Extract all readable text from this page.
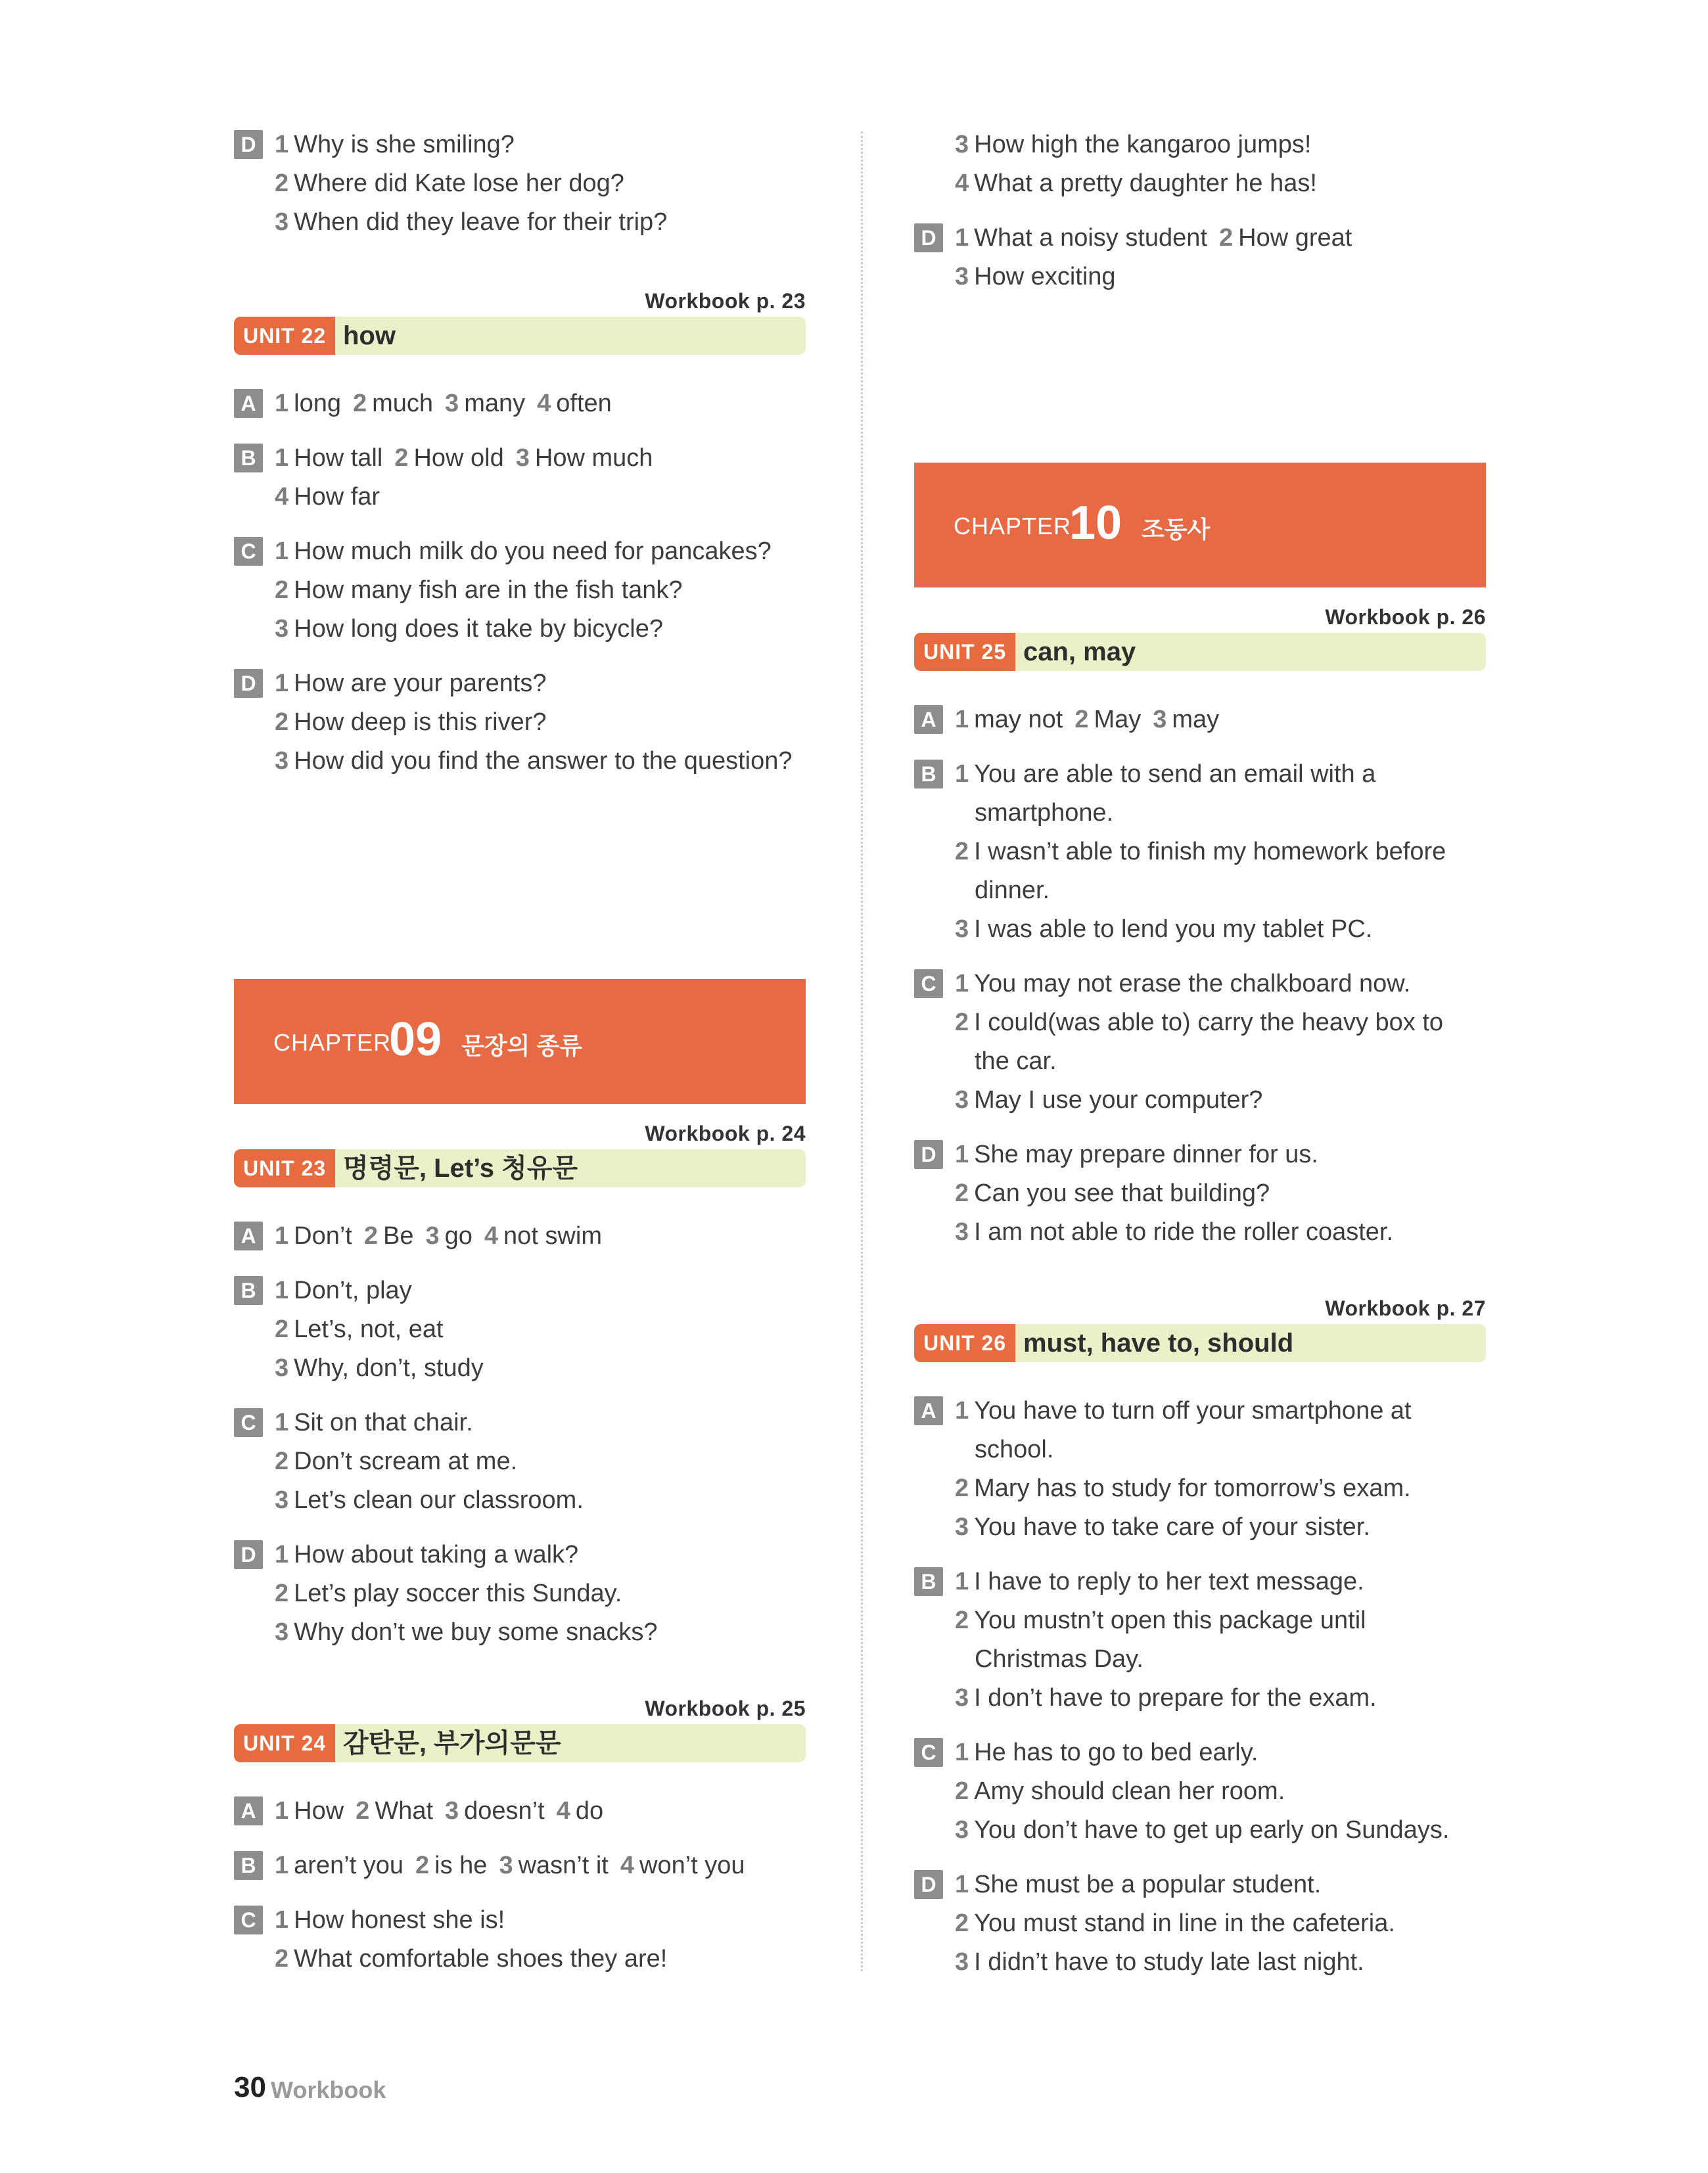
D 1 Why is she smiling?
2 Where did Kate lose her dog?
3 When did they leave for their trip?
Workbook p. 23
UNIT 22 how
A 1 long 2 much 3 many 4 often
B 1 How tall 2 How old 3 How much
4 How far
C 1 How much milk do you need for pancakes?
2 How many fish are in the fish tank?
3 How long does it take by bicycle?
D 1 How are your parents?
2 How deep is this river?
3 How did you find the answer to the question?
CHAPTER
09 문장의 종류
Workbook p. 24
UNIT 23 명령문, Let’s 청유문
A 1 Don’t 2 Be 3 go 4 not swim
B 1 Don’t, play
2 Let’s, not, eat
3 Why, don’t, study
C 1 Sit on that chair.
2 Don’t scream at me.
3 Let’s clean our classroom.
D 1 How about taking a walk?
2 Let’s play soccer this Sunday.
3 Why don’t we buy some snacks?
Workbook p. 25
UNIT 24 감탄문, 부가의문문
A 1 How 2 What 3 doesn’t 4 do
B 1 aren’t you 2 is he 3 wasn’t it 4 won’t you
C 1 How honest she is!
2 What comfortable shoes they are!
3 How high the kangaroo jumps!
4 What a pretty daughter he has!
D 1 What a noisy student 2 How great
3 How exciting
CHAPTER
10 조동사
Workbook p. 26
UNIT 25 can, may
A 1 may not 2 May 3 may
B 1 You are able to send an email with a
smartphone.
2 I wasn’t able to finish my homework before
dinner.
3 I was able to lend you my tablet PC.
C 1 You may not erase the chalkboard now.
2 I could(was able to) carry the heavy box to
the car.
3 May I use your computer?
D 1 She may prepare dinner for us.
2 Can you see that building?
3 I am not able to ride the roller coaster.
Workbook p. 27
UNIT 26 must, have to, should
A 1 You have to turn off your smartphone at
school.
2 Mary has to study for tomorrow’s exam.
3 You have to take care of your sister.
B 1 I have to reply to her text message.
2 You mustn’t open this package until
Christmas Day.
3 I don’t have to prepare for the exam.
C 1 He has to go to bed early.
2 Amy should clean her room.
3 You don’t have to get up early on Sundays.
D 1 She must be a popular student.
2 You must stand in line in the cafeteria.
3 I didn’t have to study late last night.
30 Workbook
